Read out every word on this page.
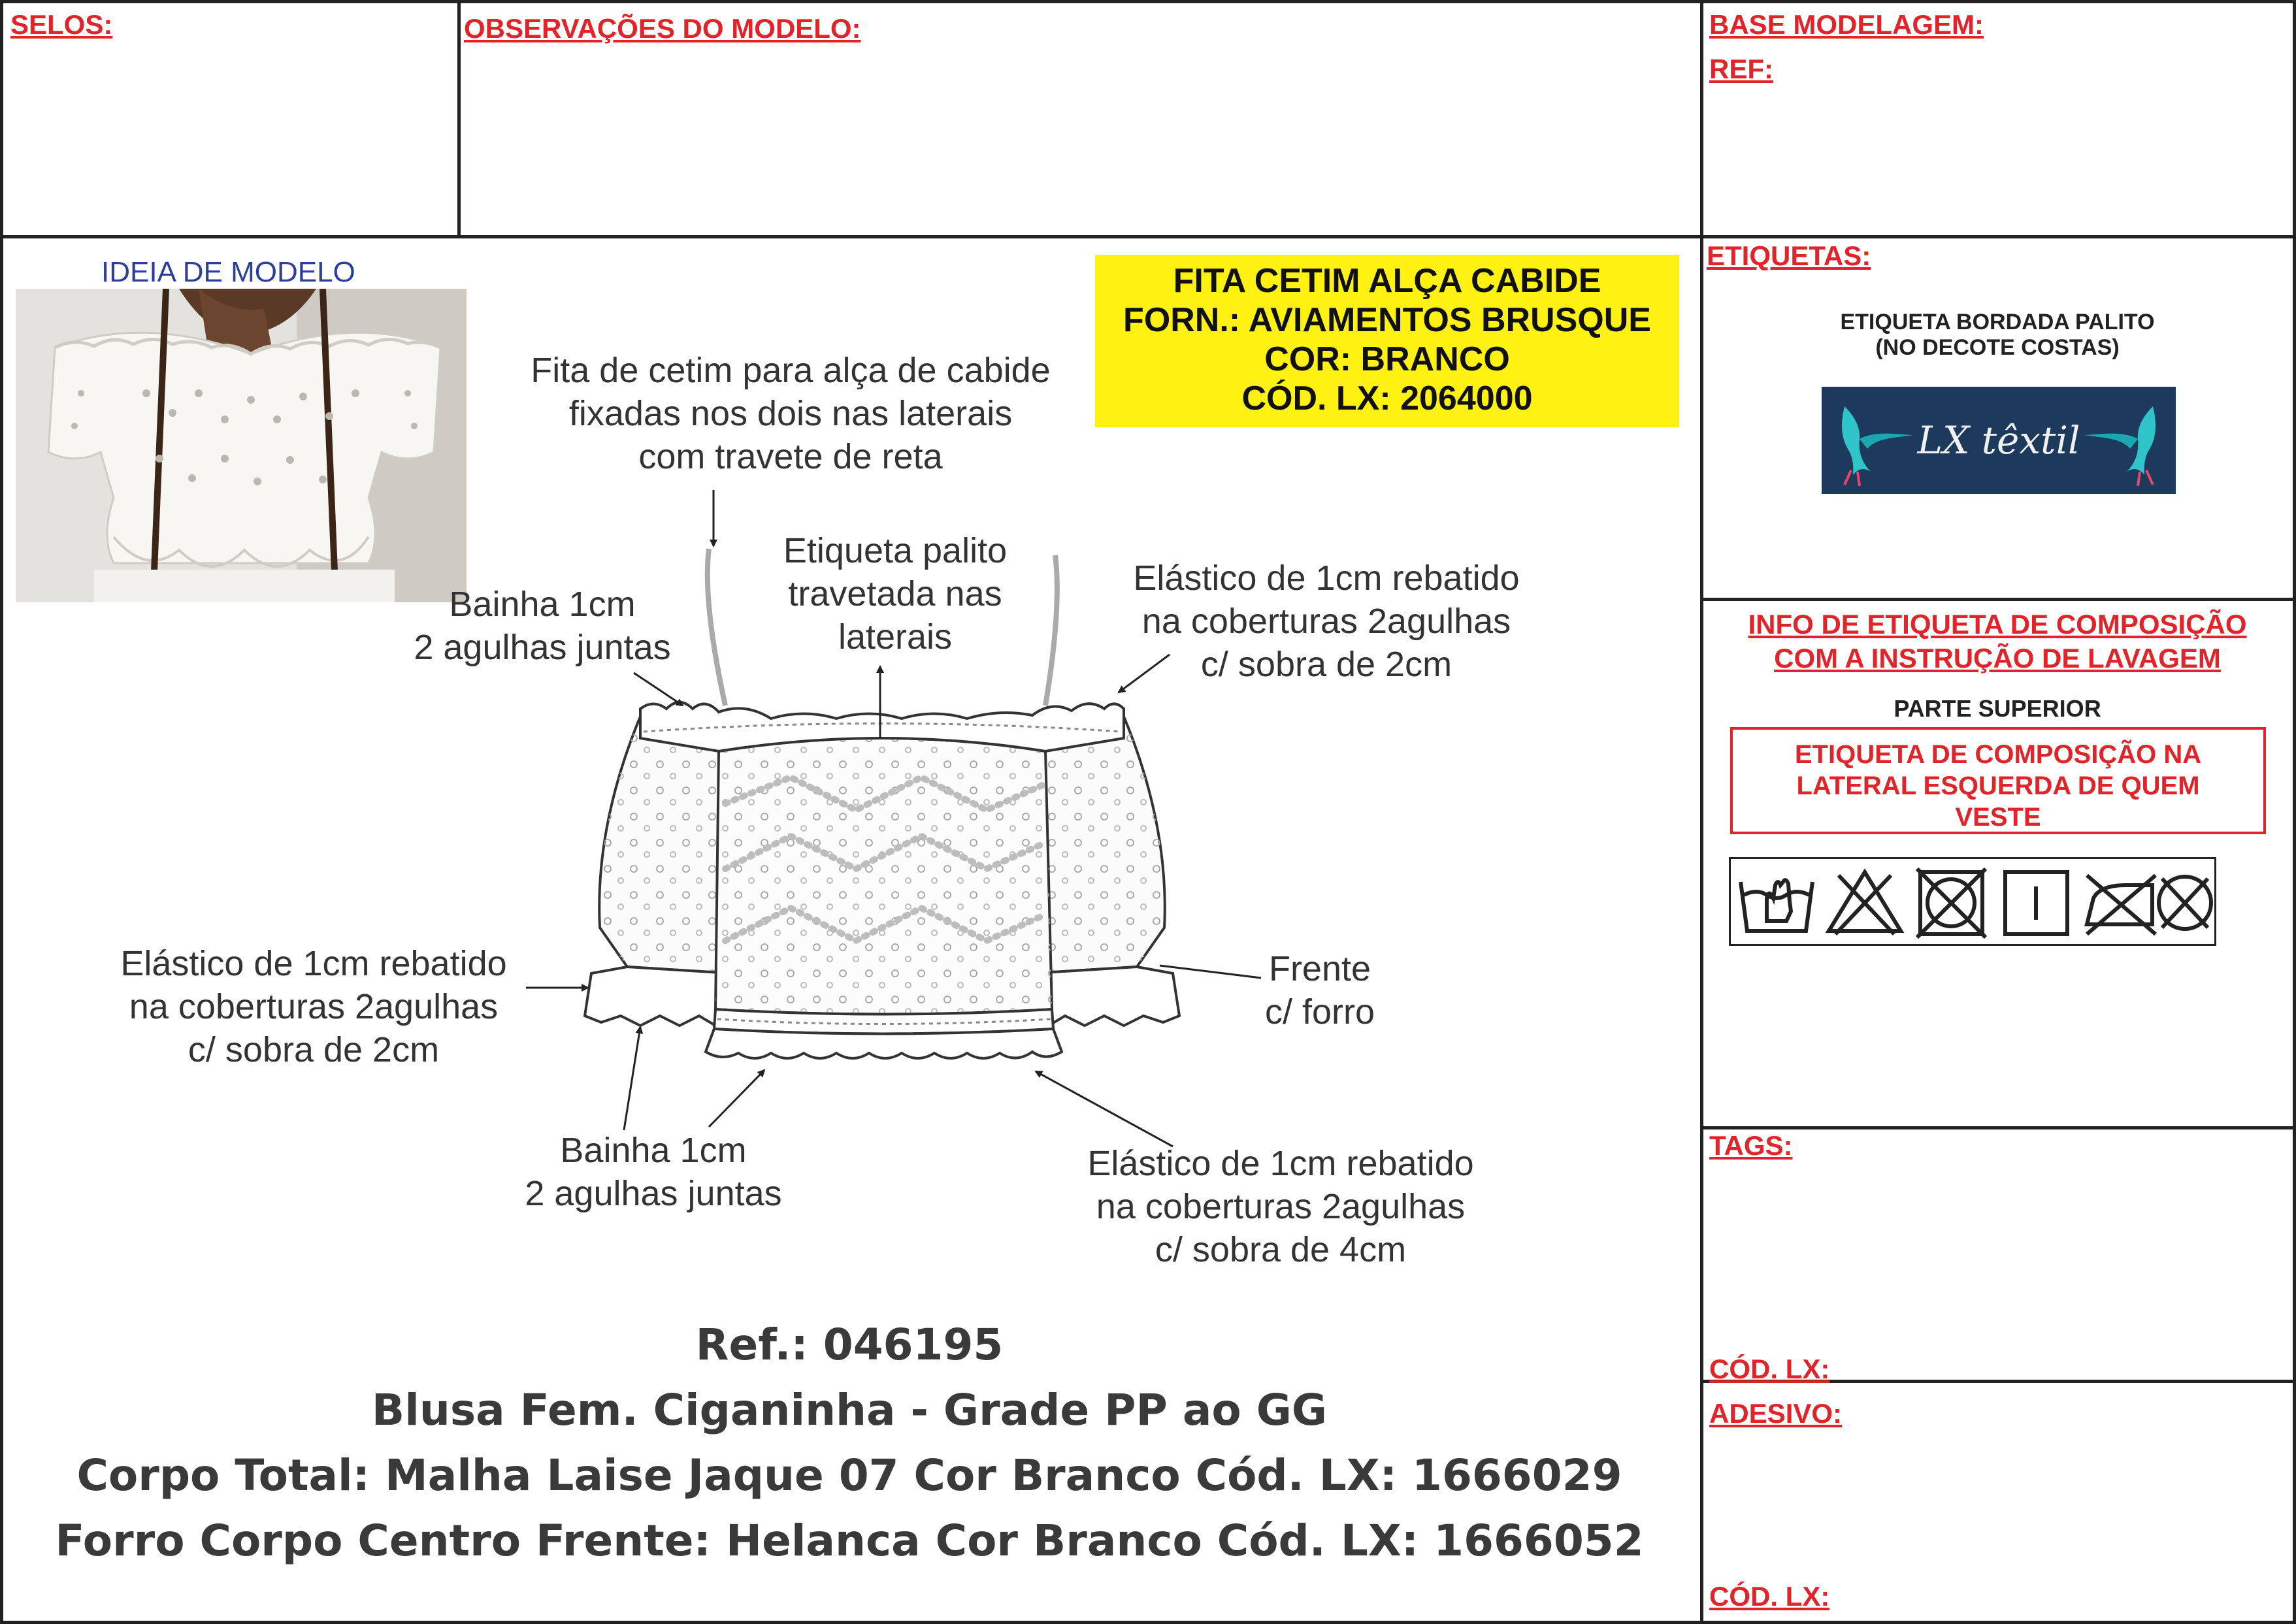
SELOS:	OBSERVAÇÕES DO MODELO:	BASE MODELAGEM:
REF:
IDEIA DE MODELO	FITA CETIM ALÇA CABIDE
FORN.: AVIAMENTOS BRUSQUE
COR: BRANCO
CÓD. LX: 2064000
Fita de cetim para alça de cabide
fixadas nos dois nas laterais
com travete de reta
Etiqueta palito
travetada nas
laterais
Bainha 1cm
2 agulhas juntas
Elástico de 1cm rebatido
na coberturas 2agulhas
c/ sobra de 2cm
Elástico de 1cm rebatido
na coberturas 2agulhas
c/ sobra de 2cm
Frente
c/ forro
Bainha 1cm
2 agulhas juntas
Elástico de 1cm rebatido
na coberturas 2agulhas
c/ sobra de 4cm
Ref.: 046195
Blusa Fem. Ciganinha - Grade PP ao GG
Corpo Total: Malha Laise Jaque 07 Cor Branco Cód. LX: 1666029
Forro Corpo Centro Frente: Helanca Cor Branco Cód. LX: 1666052
ETIQUETAS:
ETIQUETA BORDADA PALITO
(NO DECOTE COSTAS)
LX têxtil
INFO DE ETIQUETA DE COMPOSIÇÃO
COM A INSTRUÇÃO DE LAVAGEM
PARTE SUPERIOR
ETIQUETA DE COMPOSIÇÃO NA
LATERAL ESQUERDA DE QUEM
VESTE
TAGS:
CÓD. LX:
ADESIVO:
CÓD. LX:
